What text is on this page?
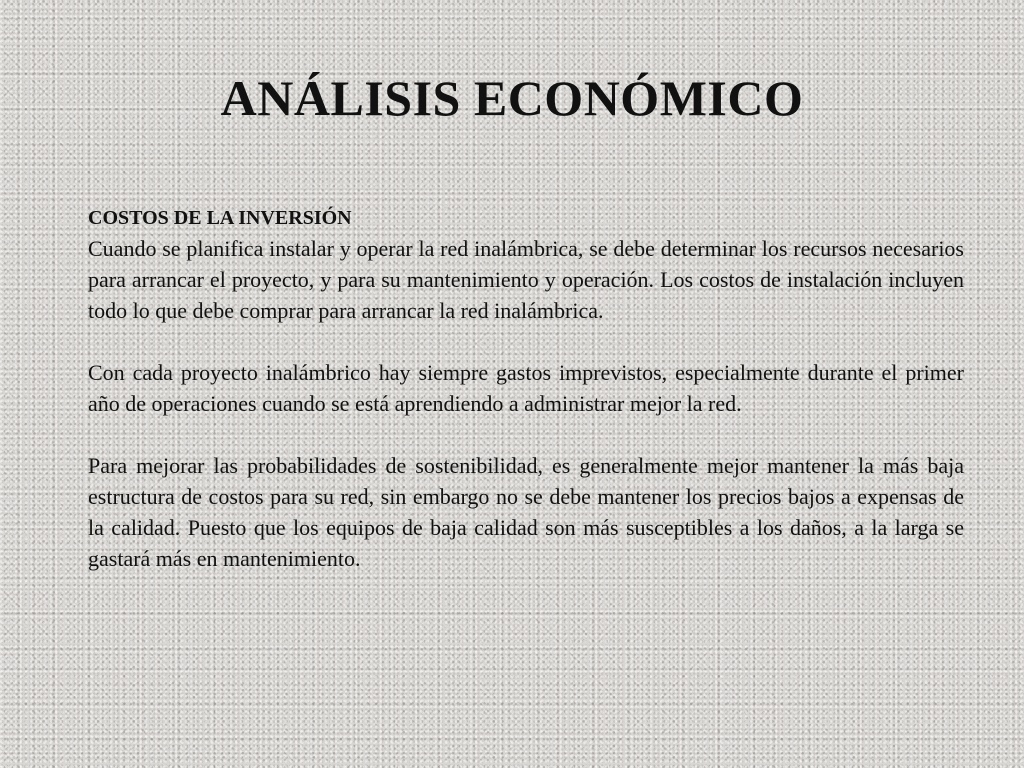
ANÁLISIS ECONÓMICO
COSTOS DE LA INVERSIÓN

Cuando se planifica instalar y operar la red inalámbrica, se debe determinar los recursos necesarios para arrancar el proyecto, y para su mantenimiento y operación. Los costos de instalación incluyen todo lo que debe comprar para arrancar la red inalámbrica.

Con cada proyecto inalámbrico hay siempre gastos imprevistos, especialmente durante el primer año de operaciones cuando se está aprendiendo a administrar mejor la red.

Para mejorar las probabilidades de sostenibilidad, es generalmente mejor mantener la más baja estructura de costos para su red, sin embargo no se debe mantener los precios bajos a expensas de la calidad. Puesto que los equipos de baja calidad son más susceptibles a los daños, a la larga se gastará más en mantenimiento.
